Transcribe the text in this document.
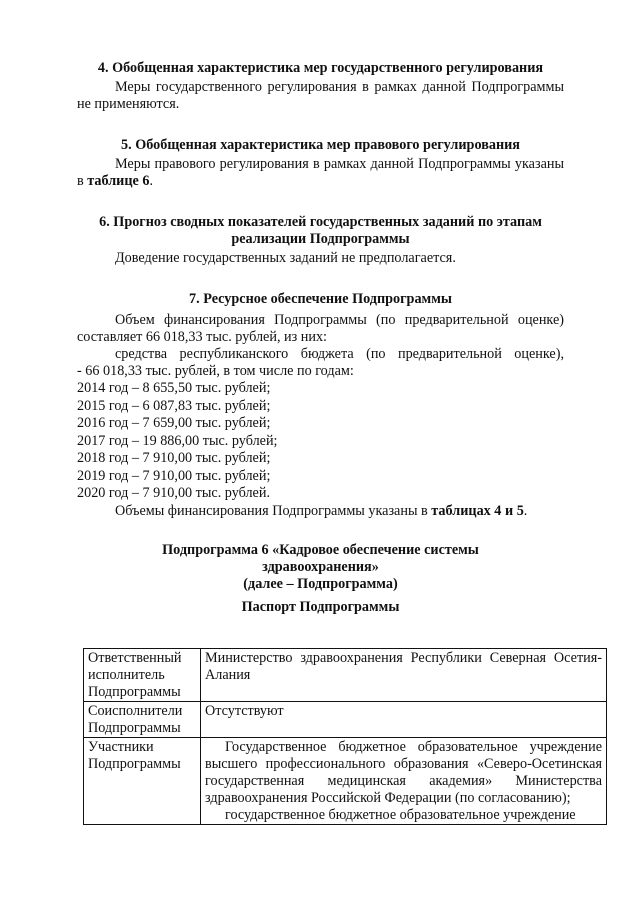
4. Обобщенная характеристика мер государственного регулирования

Меры государственного регулирования в рамках данной Подпрограммы не применяются.

5. Обобщенная характеристика мер правового регулирования

Меры правового регулирования в рамках данной Подпрограммы указаны в таблице 6.

6. Прогноз сводных показателей государственных заданий по этапам

реализации Подпрограммы

Доведение государственных заданий не предполагается.

7. Ресурсное обеспечение Подпрограммы

Объем финансирования Подпрограммы (по предварительной оценке) составляет 66 018,33 тыс. рублей, из них:

средства республиканского бюджета (по предварительной оценке),

- 66 018,33 тыс. рублей, в том числе по годам:

2014 год – 8 655,50 тыс. рублей;

2015 год – 6 087,83 тыс. рублей;

2016 год – 7 659,00 тыс. рублей;

2017 год – 19 886,00 тыс. рублей;

2018 год – 7 910,00 тыс. рублей;

2019 год – 7 910,00 тыс. рублей;

2020 год – 7 910,00 тыс. рублей.

Объемы финансирования Подпрограммы указаны в таблицах 4 и 5.

Подпрограмма 6 «Кадровое обеспечение системы

здравоохранения»

(далее – Подпрограмма)

Паспорт Подпрограммы

Ответственный исполнитель Подпрограммы	Министерство здравоохранения Республики Северная Осетия-Алания
Соисполнители Подпрограммы	Отсутствуют
Участники Подпрограммы	Государственное бюджетное образовательное учреждение высшего профессионального образования «Северо-Осетинская государственная медицинская академия» Министерства здравоохранения Российской Федерации (по согласованию);
государственное бюджетное образовательное учреждение
